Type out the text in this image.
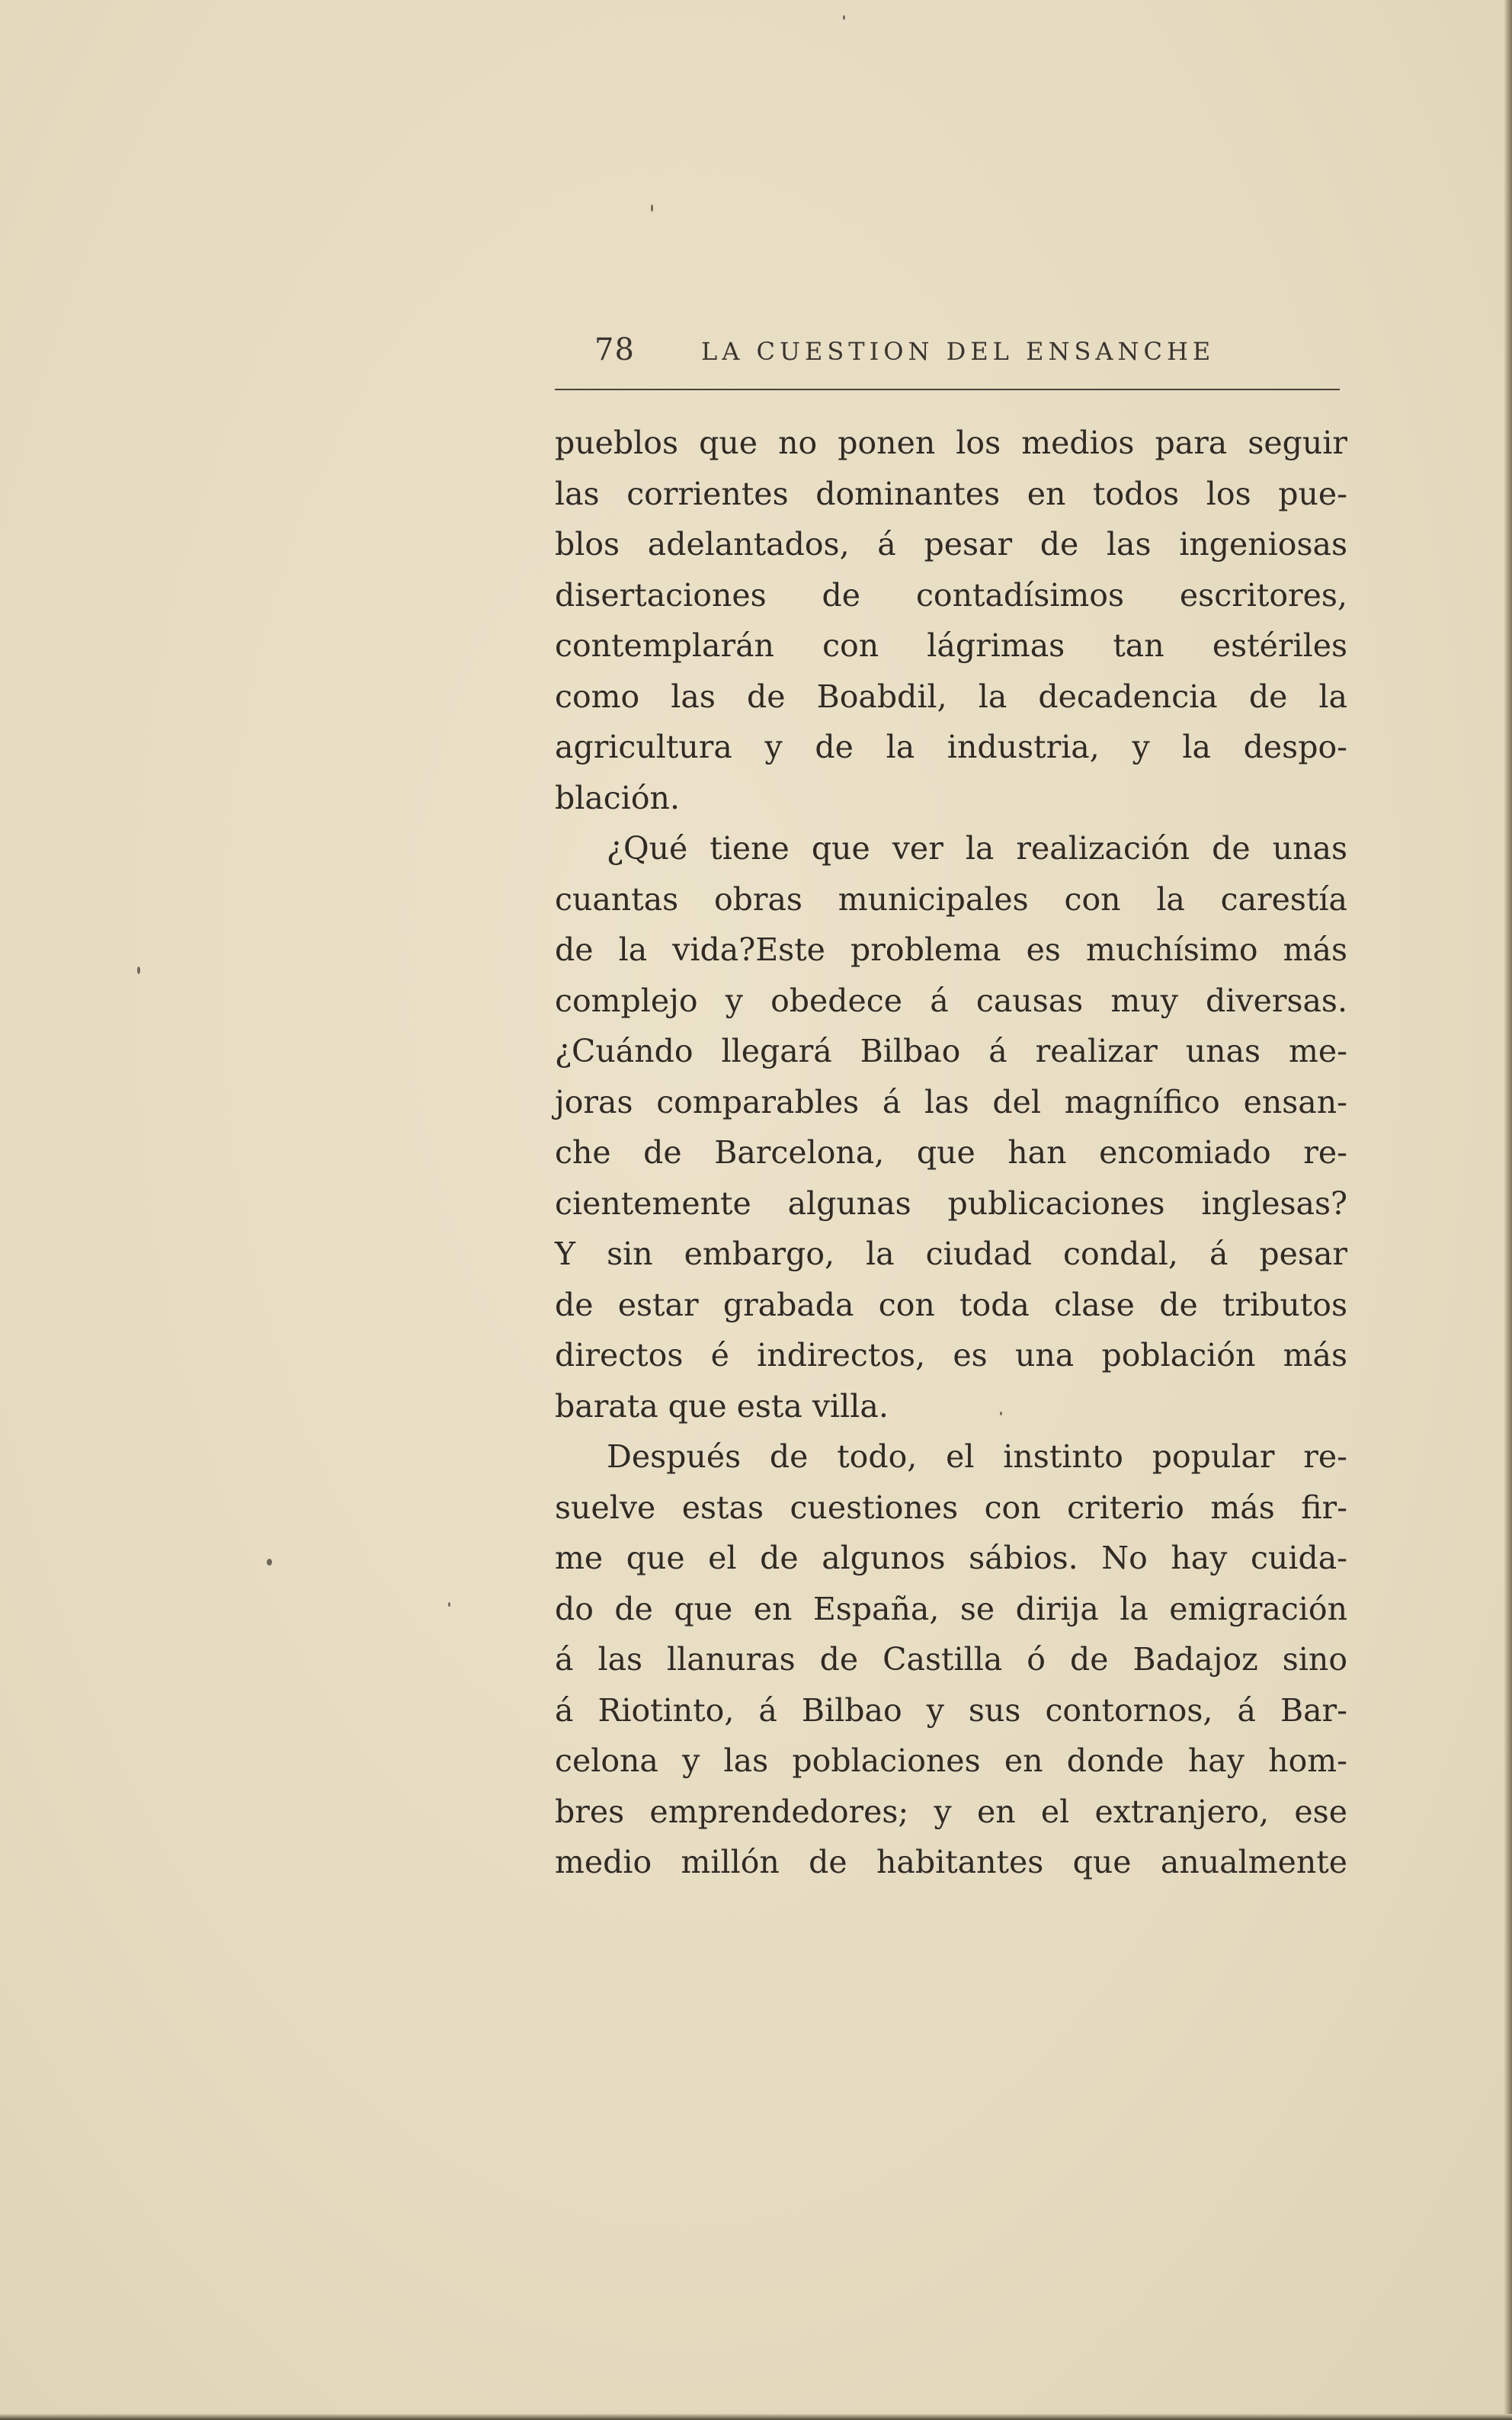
78	LA CUESTION DEL ENSANCHE
pueblos que no ponen los medios para seguir
las corrientes dominantes en todos los pue-
blos adelantados, á pesar de las ingeniosas
disertaciones de contadísimos escritores,
contemplarán con lágrimas tan estériles
como las de Boabdil, la decadencia de la
agricultura y de la industria, y la despo-
blación.
¿Qué tiene que ver la realización de unas
cuantas obras municipales con la carestía
de la vida?Este problema es muchísimo más
complejo y obedece á causas muy diversas.
¿Cuándo llegará Bilbao á realizar unas me-
joras comparables á las del magnífico ensan-
che de Barcelona, que han encomiado re-
cientemente algunas publicaciones inglesas?
Y sin embargo, la ciudad condal, á pesar
de estar grabada con toda clase de tributos
directos é indirectos, es una población más
barata que esta villa.
Después de todo, el instinto popular re-
suelve estas cuestiones con criterio más fir-
me que el de algunos sábios. No hay cuida-
do de que en España, se dirija la emigración
á las llanuras de Castilla ó de Badajoz sino
á Riotinto, á Bilbao y sus contornos, á Bar-
celona y las poblaciones en donde hay hom-
bres emprendedores; y en el extranjero, ese
medio millón de habitantes que anualmente
